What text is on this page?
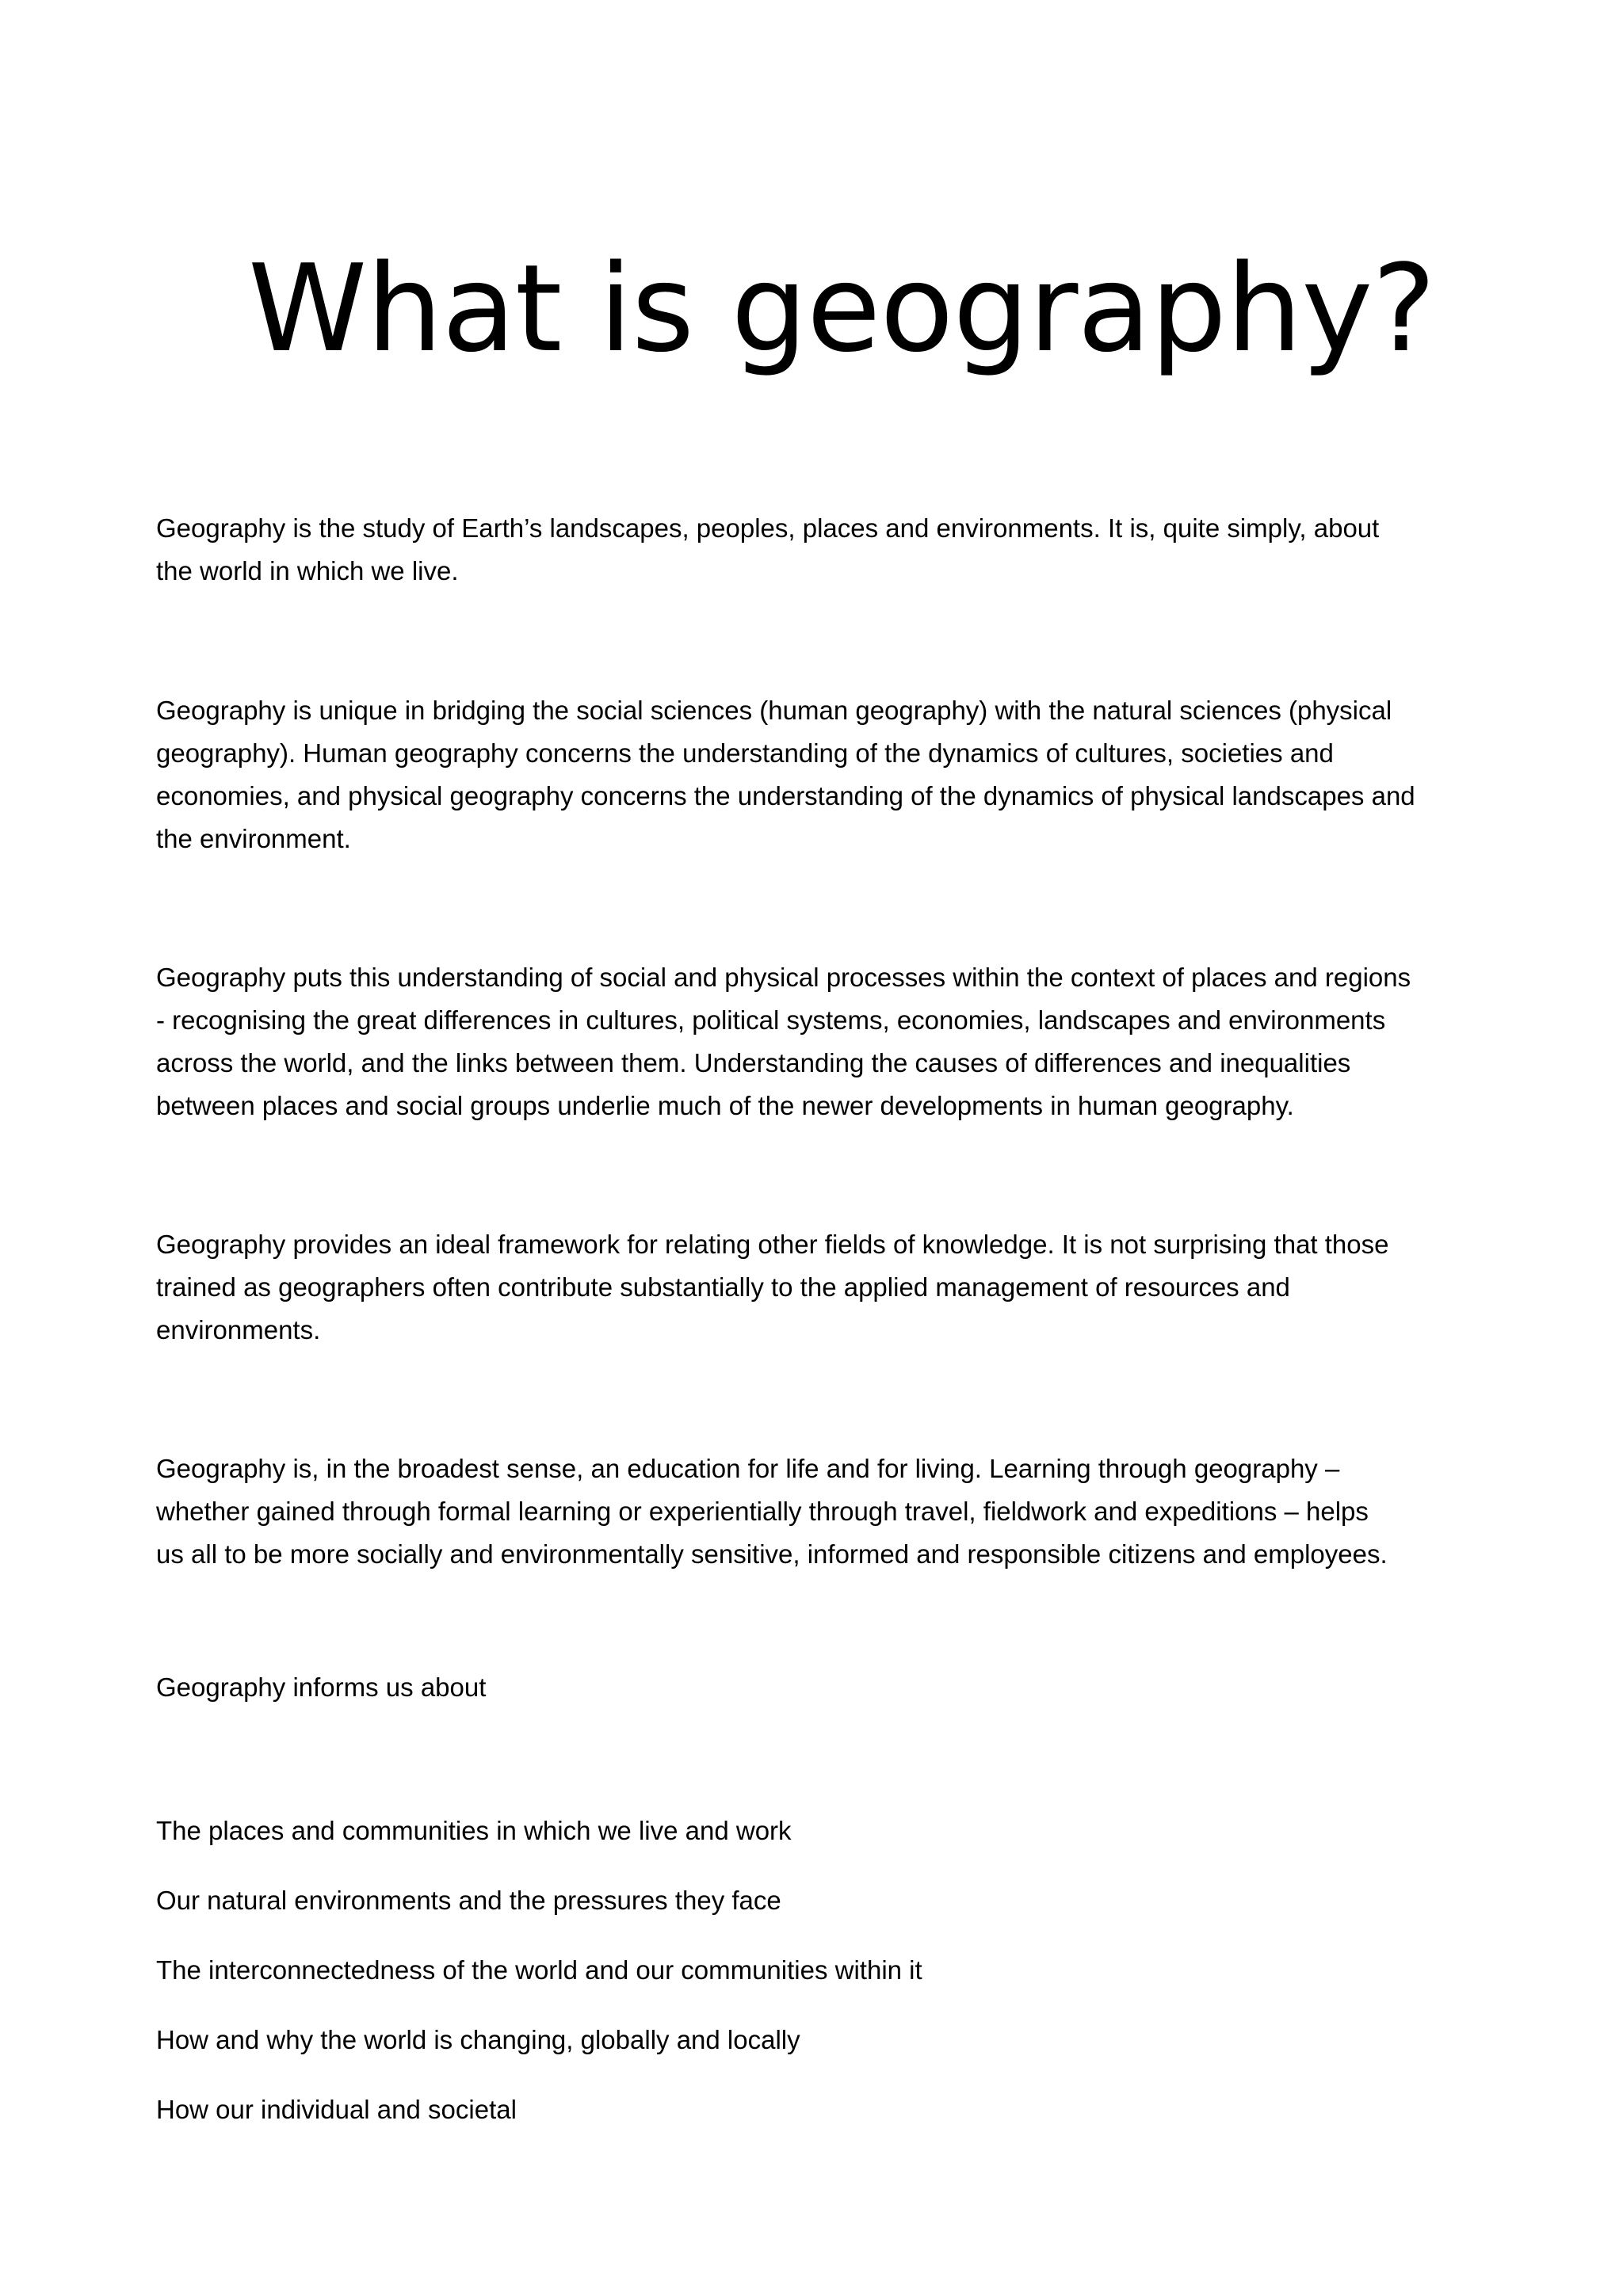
What is geography?

Geography is the study of Earth’s landscapes, peoples, places and environments. It is, quite simply, about
the world in which we live.

Geography is unique in bridging the social sciences (human geography) with the natural sciences (physical
geography). Human geography concerns the understanding of the dynamics of cultures, societies and
economies, and physical geography concerns the understanding of the dynamics of physical landscapes and
the environment.

Geography puts this understanding of social and physical processes within the context of places and regions
- recognising the great differences in cultures, political systems, economies, landscapes and environments
across the world, and the links between them. Understanding the causes of differences and inequalities
between places and social groups underlie much of the newer developments in human geography.

Geography provides an ideal framework for relating other fields of knowledge. It is not surprising that those
trained as geographers often contribute substantially to the applied management of resources and
environments.

Geography is, in the broadest sense, an education for life and for living. Learning through geography –
whether gained through formal learning or experientially through travel, fieldwork and expeditions – helps
us all to be more socially and environmentally sensitive, informed and responsible citizens and employees.

Geography informs us about

The places and communities in which we live and work
Our natural environments and the pressures they face
The interconnectedness of the world and our communities within it
How and why the world is changing, globally and locally
How our individual and societal
